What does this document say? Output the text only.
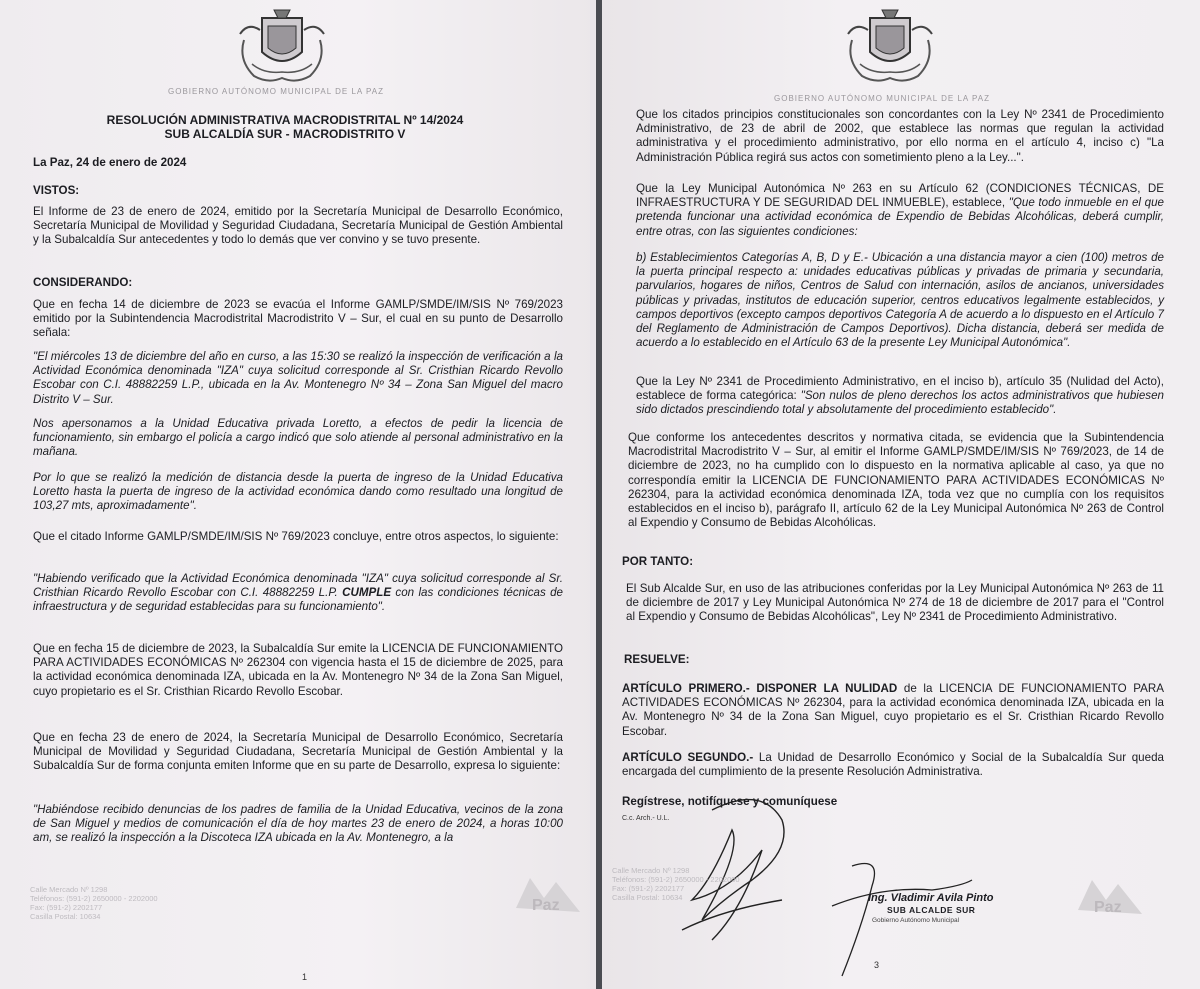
GOBIERNO AUTÓNOMO MUNICIPAL DE LA PAZ
RESOLUCIÓN ADMINISTRATIVA MACRODISTRITAL Nº 14/2024
SUB ALCALDÍA SUR - MACRODISTRITO V
La Paz, 24 de enero de 2024
VISTOS:
El Informe de 23 de enero de 2024, emitido por la Secretaría Municipal de Desarrollo Económico, Secretaría Municipal de Movilidad y Seguridad Ciudadana, Secretaría Municipal de Gestión Ambiental y la Subalcaldía Sur antecedentes y todo lo demás que ver convino y se tuvo presente.
CONSIDERANDO:
Que en fecha 14 de diciembre de 2023 se evacúa el Informe GAMLP/SMDE/IM/SIS Nº 769/2023 emitido por la Subintendencia Macrodistrital Macrodistrito V – Sur, el cual en su punto de Desarrollo señala:
"El miércoles 13 de diciembre del año en curso, a las 15:30 se realizó la inspección de verificación a la Actividad Económica denominada "IZA" cuya solicitud corresponde al Sr. Cristhian Ricardo Revollo Escobar con C.I. 48882259 L.P., ubicada en la Av. Montenegro Nº 34 – Zona San Miguel del macro Distrito V – Sur.
Nos apersonamos a la Unidad Educativa privada Loretto, a efectos de pedir la licencia de funcionamiento, sin embargo el policía a cargo indicó que solo atiende al personal administrativo en la mañana.
Por lo que se realizó la medición de distancia desde la puerta de ingreso de la Unidad Educativa Loretto hasta la puerta de ingreso de la actividad económica dando como resultado una longitud de 103,27 mts, aproximadamente".
Que el citado Informe GAMLP/SMDE/IM/SIS Nº 769/2023 concluye, entre otros aspectos, lo siguiente:
"Habiendo verificado que la Actividad Económica denominada "IZA" cuya solicitud corresponde al Sr. Cristhian Ricardo Revollo Escobar con C.I. 48882259 L.P. CUMPLE con las condiciones técnicas de infraestructura y de seguridad establecidas para su funcionamiento".
Que en fecha 15 de diciembre de 2023, la Subalcaldía Sur emite la LICENCIA DE FUNCIONAMIENTO PARA ACTIVIDADES ECONÓMICAS Nº 262304 con vigencia hasta el 15 de diciembre de 2025, para la actividad económica denominada IZA, ubicada en la Av. Montenegro Nº 34 de la Zona San Miguel, cuyo propietario es el Sr. Cristhian Ricardo Revollo Escobar.
Que en fecha 23 de enero de 2024, la Secretaría Municipal de Desarrollo Económico, Secretaría Municipal de Movilidad y Seguridad Ciudadana, Secretaría Municipal de Gestión Ambiental y la Subalcaldía Sur de forma conjunta emiten Informe que en su parte de Desarrollo, expresa lo siguiente:
"Habiéndose recibido denuncias de los padres de familia de la Unidad Educativa, vecinos de la zona de San Miguel y medios de comunicación el día de hoy martes 23 de enero de 2024, a horas 10:00 am, se realizó la inspección a la Discoteca IZA ubicada en la Av. Montenegro, a la
Calle Mercado Nº 1298
Teléfonos: (591-2) 2650000 - 2202000
Fax: (591-2) 2202177
Casilla Postal: 10634
Paz
1
GOBIERNO AUTÓNOMO MUNICIPAL DE LA PAZ
Que los citados principios constitucionales son concordantes con la Ley Nº 2341 de Procedimiento Administrativo, de 23 de abril de 2002, que establece las normas que regulan la actividad administrativa y el procedimiento administrativo, por ello norma en el artículo 4, inciso c) "La Administración Pública regirá sus actos con sometimiento pleno a la Ley...".
Que la Ley Municipal Autonómica Nº 263 en su Artículo 62 (CONDICIONES TÉCNICAS, DE INFRAESTRUCTURA Y DE SEGURIDAD DEL INMUEBLE), establece, "Que todo inmueble en el que pretenda funcionar una actividad económica de Expendio de Bebidas Alcohólicas, deberá cumplir, entre otras, con las siguientes condiciones:
b) Establecimientos Categorías A, B, D y E.- Ubicación a una distancia mayor a cien (100) metros de la puerta principal respecto a: unidades educativas públicas y privadas de primaria y secundaria, parvularios, hogares de niños, Centros de Salud con internación, asilos de ancianos, universidades públicas y privadas, institutos de educación superior, centros educativos legalmente establecidos, y campos deportivos (excepto campos deportivos Categoría A de acuerdo a lo dispuesto en el Artículo 7 del Reglamento de Administración de Campos Deportivos). Dicha distancia, deberá ser medida de acuerdo a lo establecido en el Artículo 63 de la presente Ley Municipal Autonómica".
Que la Ley Nº 2341 de Procedimiento Administrativo, en el inciso b), artículo 35 (Nulidad del Acto), establece de forma categórica: "Son nulos de pleno derechos los actos administrativos que hubiesen sido dictados prescindiendo total y absolutamente del procedimiento establecido".
Que conforme los antecedentes descritos y normativa citada, se evidencia que la Subintendencia Macrodistrital Macrodistrito V – Sur, al emitir el Informe GAMLP/SMDE/IM/SIS Nº 769/2023, de 14 de diciembre de 2023, no ha cumplido con lo dispuesto en la normativa aplicable al caso, ya que no correspondía emitir la LICENCIA DE FUNCIONAMIENTO PARA ACTIVIDADES ECONÓMICAS Nº 262304, para la actividad económica denominada IZA, toda vez que no cumplía con los requisitos establecidos en el inciso b), parágrafo II, artículo 62 de la Ley Municipal Autonómica Nº 263 de Control al Expendio y Consumo de Bebidas Alcohólicas.
POR TANTO:
El Sub Alcalde Sur, en uso de las atribuciones conferidas por la Ley Municipal Autonómica Nº 263 de 11 de diciembre de 2017 y Ley Municipal Autonómica Nº 274 de 18 de diciembre de 2017 para el "Control al Expendio y Consumo de Bebidas Alcohólicas", Ley Nº 2341 de Procedimiento Administrativo.
RESUELVE:
ARTÍCULO PRIMERO.- DISPONER LA NULIDAD de la LICENCIA DE FUNCIONAMIENTO PARA ACTIVIDADES ECONÓMICAS Nº 262304, para la actividad económica denominada IZA, ubicada en la Av. Montenegro Nº 34 de la Zona San Miguel, cuyo propietario es el Sr. Cristhian Ricardo Revollo Escobar.
ARTÍCULO SEGUNDO.- La Unidad de Desarrollo Económico y Social de la Subalcaldía Sur queda encargada del cumplimiento de la presente Resolución Administrativa.
Regístrese, notifíquese y comuníquese
C.c. Arch.- U.L.
Calle Mercado Nº 1298
Teléfonos: (591-2) 2650000 - 2202000
Fax: (591-2) 2202177
Casilla Postal: 10634	Ing. Vladimir Avila Pinto
SUB ALCALDE SUR
Gobierno Autónomo Municipal
Paz
3
